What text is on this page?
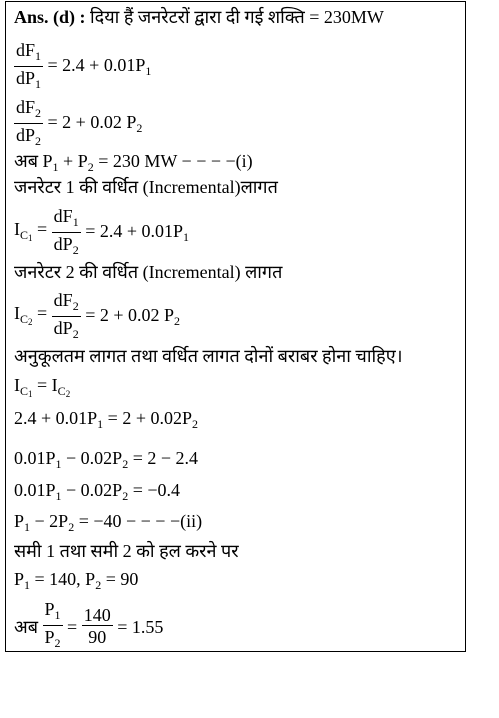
Ans. (d) : दिया हैं जनरेटरों द्वारा दी गई शक्ति = 230MW
$\frac{dF_1}{dP_1} = 2.4 + 0.01P_1$
$\frac{dF_2}{dP_2} = 2 + 0.02$ $P_2$
अब $P_1 + P_2 = 230$ MW − − − −(i)
जनरेटर 1 की वर्धित (Incremental)लागत
$I_{C_1} = \frac{dF_1}{dP_2} = 2.4 + 0.01P_1$
जनरेटर 2 की वर्धित (Incremental) लागत
$I_{C_2} = \frac{dF_2}{dP_2} = 2 + 0.02$ $P_2$
अनुकूलतम लागत तथा वर्धित लागत दोनों बराबर होना चाहिए।
$I_{C_1} = I_{C_2}$
$2.4 + 0.01P_1 = 2 + 0.02P_2$
$0.01P_1 - 0.02P_2 = 2 - 2.4$
$0.01P_1 - 0.02P_2 = -0.4$
$P_1 - 2P_2 = -40$ − − − −(ii)
समी 1 तथा समी 2 को हल करने पर
$P_1 = 140$, $P_2 = 90$
अब $\frac{P_1}{P_2} = \frac{140}{90} = 1.55$
